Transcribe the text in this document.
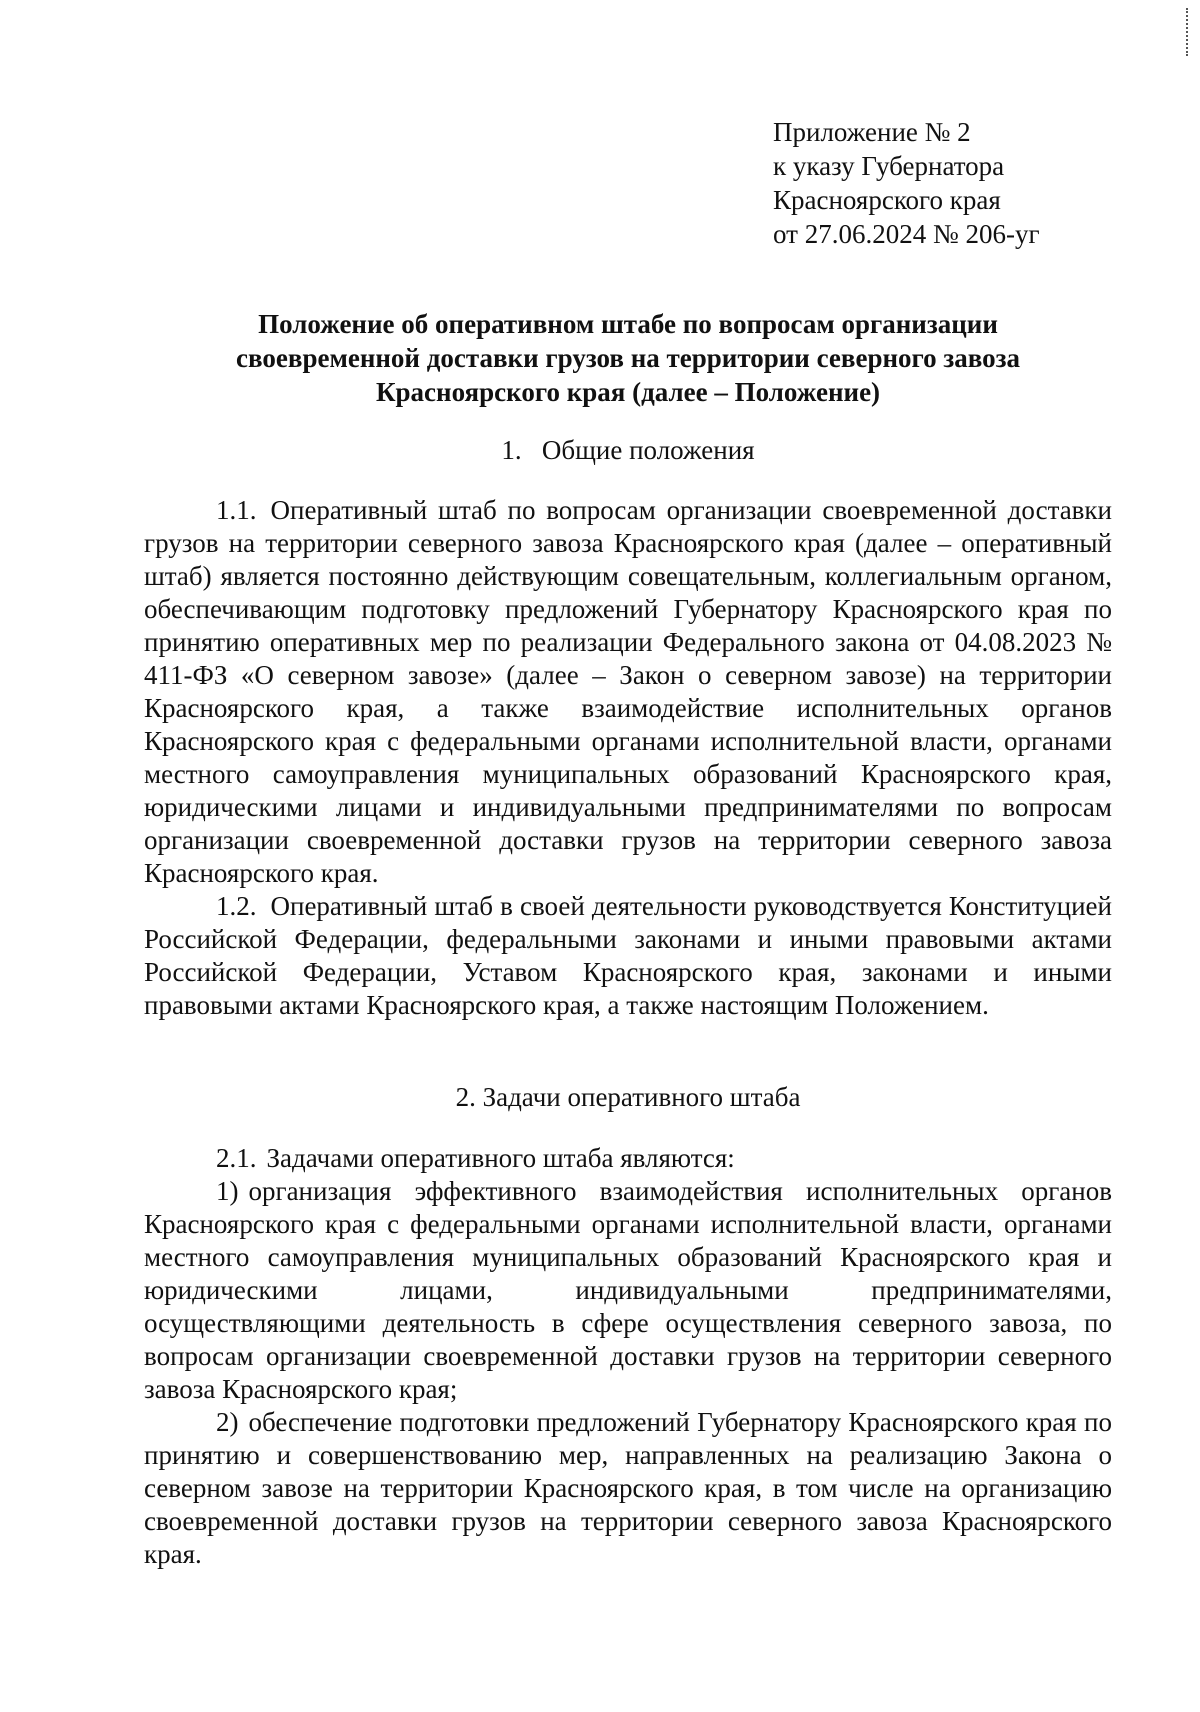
Приложение № 2
к указу Губернатора
Красноярского края
от 27.06.2024 № 206-уг
Положение об оперативном штабе по вопросам организации
своевременной доставки грузов на территории северного завоза
Красноярского края (далее – Положение)
1. Общие положения

1.1. Оперативный штаб по вопросам организации своевременной доставки грузов на территории северного завоза Красноярского края (далее – оперативный штаб) является постоянно действующим совещательным, коллегиальным органом, обеспечивающим подготовку предложений Губернатору Красноярского края по принятию оперативных мер по реализации Федерального закона от 04.08.2023 № 411-ФЗ «О северном завозе» (далее – Закон о северном завозе) на территории Красноярского края, а также взаимодействие исполнительных органов Красноярского края с федеральными органами исполнительной власти, органами местного самоуправления муниципальных образований Красноярского края, юридическими лицами и индивидуальными предпринимателями по вопросам организации своевременной доставки грузов на территории северного завоза Красноярского края.

1.2. Оперативный штаб в своей деятельности руководствуется Конституцией Российской Федерации, федеральными законами и иными правовыми актами Российской Федерации, Уставом Красноярского края, законами и иными правовыми актами Красноярского края, а также настоящим Положением.

2. Задачи оперативного штаба

2.1. Задачами оперативного штаба являются:

1) организация эффективного взаимодействия исполнительных органов Красноярского края с федеральными органами исполнительной власти, органами местного самоуправления муниципальных образований Красноярского края и юридическими лицами, индивидуальными предпринимателями, осуществляющими деятельность в сфере осуществления северного завоза, по вопросам организации своевременной доставки грузов на территории северного завоза Красноярского края;

2) обеспечение подготовки предложений Губернатору Красноярского края по принятию и совершенствованию мер, направленных на реализацию Закона о северном завозе на территории Красноярского края, в том числе на организацию своевременной доставки грузов на территории северного завоза Красноярского края.
